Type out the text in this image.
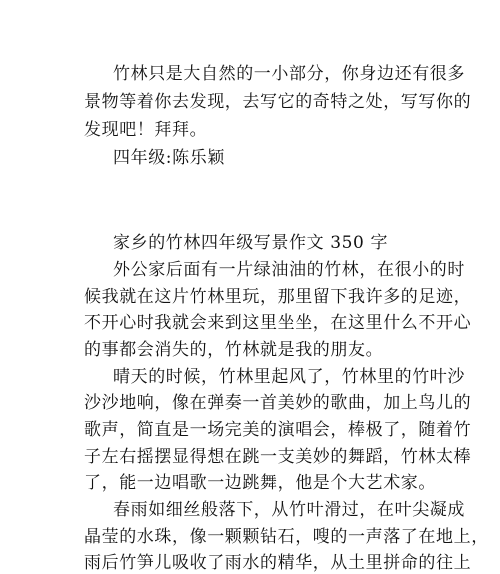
竹林只是大自然的一小部分，你身边还有很多
景物等着你去发现，去写它的奇特之处，写写你的
发现吧！拜拜。
四年级:陈乐颖
家乡的竹林四年级写景作文 350 字
外公家后面有一片绿油油的竹林，在很小的时
候我就在这片竹林里玩，那里留下我许多的足迹，
不开心时我就会来到这里坐坐，在这里什么不开心
的事都会消失的，竹林就是我的朋友。
晴天的时候，竹林里起风了，竹林里的竹叶沙
沙沙地响，像在弹奏一首美妙的歌曲，加上鸟儿的
歌声，简直是一场完美的演唱会，棒极了，随着竹
子左右摇摆显得想在跳一支美妙的舞蹈，竹林太棒
了，能一边唱歌一边跳舞，他是个大艺术家。
春雨如细丝般落下，从竹叶滑过，在叶尖凝成
晶莹的水珠，像一颗颗钻石，嗖的一声落了在地上，
雨后竹笋儿吸收了雨水的精华，从土里拼命的往上
